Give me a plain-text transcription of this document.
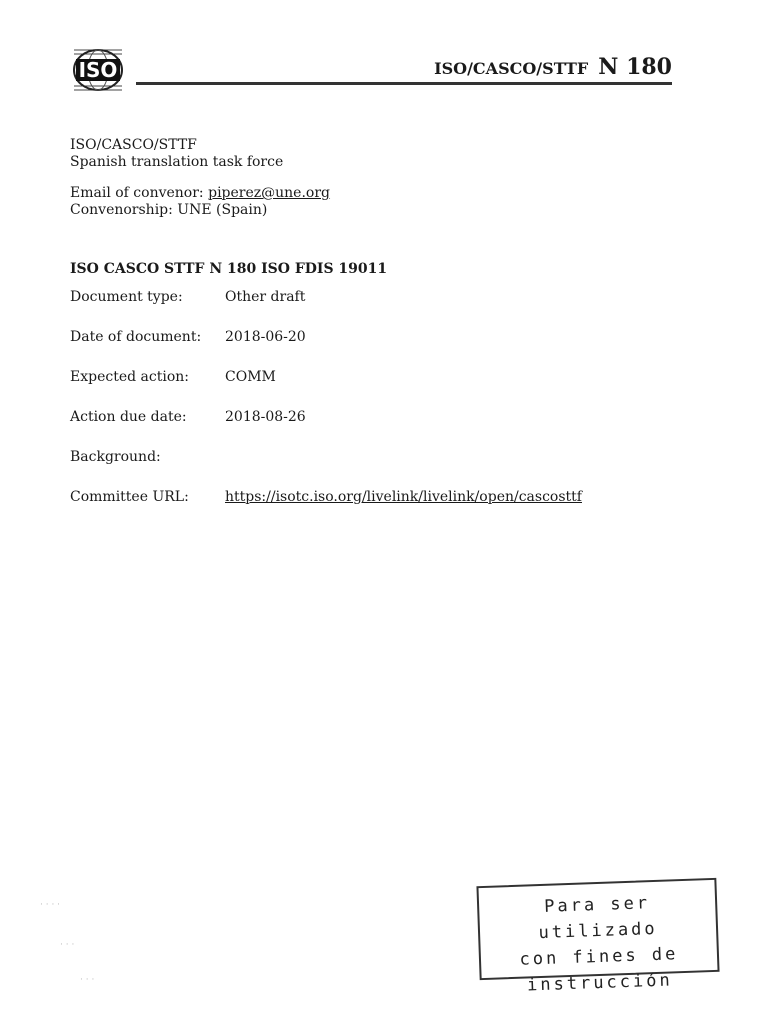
ISO	ISO/CASCO/STTF N 180
ISO/CASCO/STTF
Spanish translation task force
Email of convenor: piperez@une.org
Convenorship: UNE (Spain)
ISO CASCO STTF N 180 ISO FDIS 19011
Document type:	Other draft
Date of document:	2018-06-20
Expected action:	COMM
Action due date:	2018-08-26
Background:
Committee URL:	https://isotc.iso.org/livelink/livelink/open/cascosttf
· · · ·
· · ·
· · ·
Para ser utilizado
con fines de
instrucción
